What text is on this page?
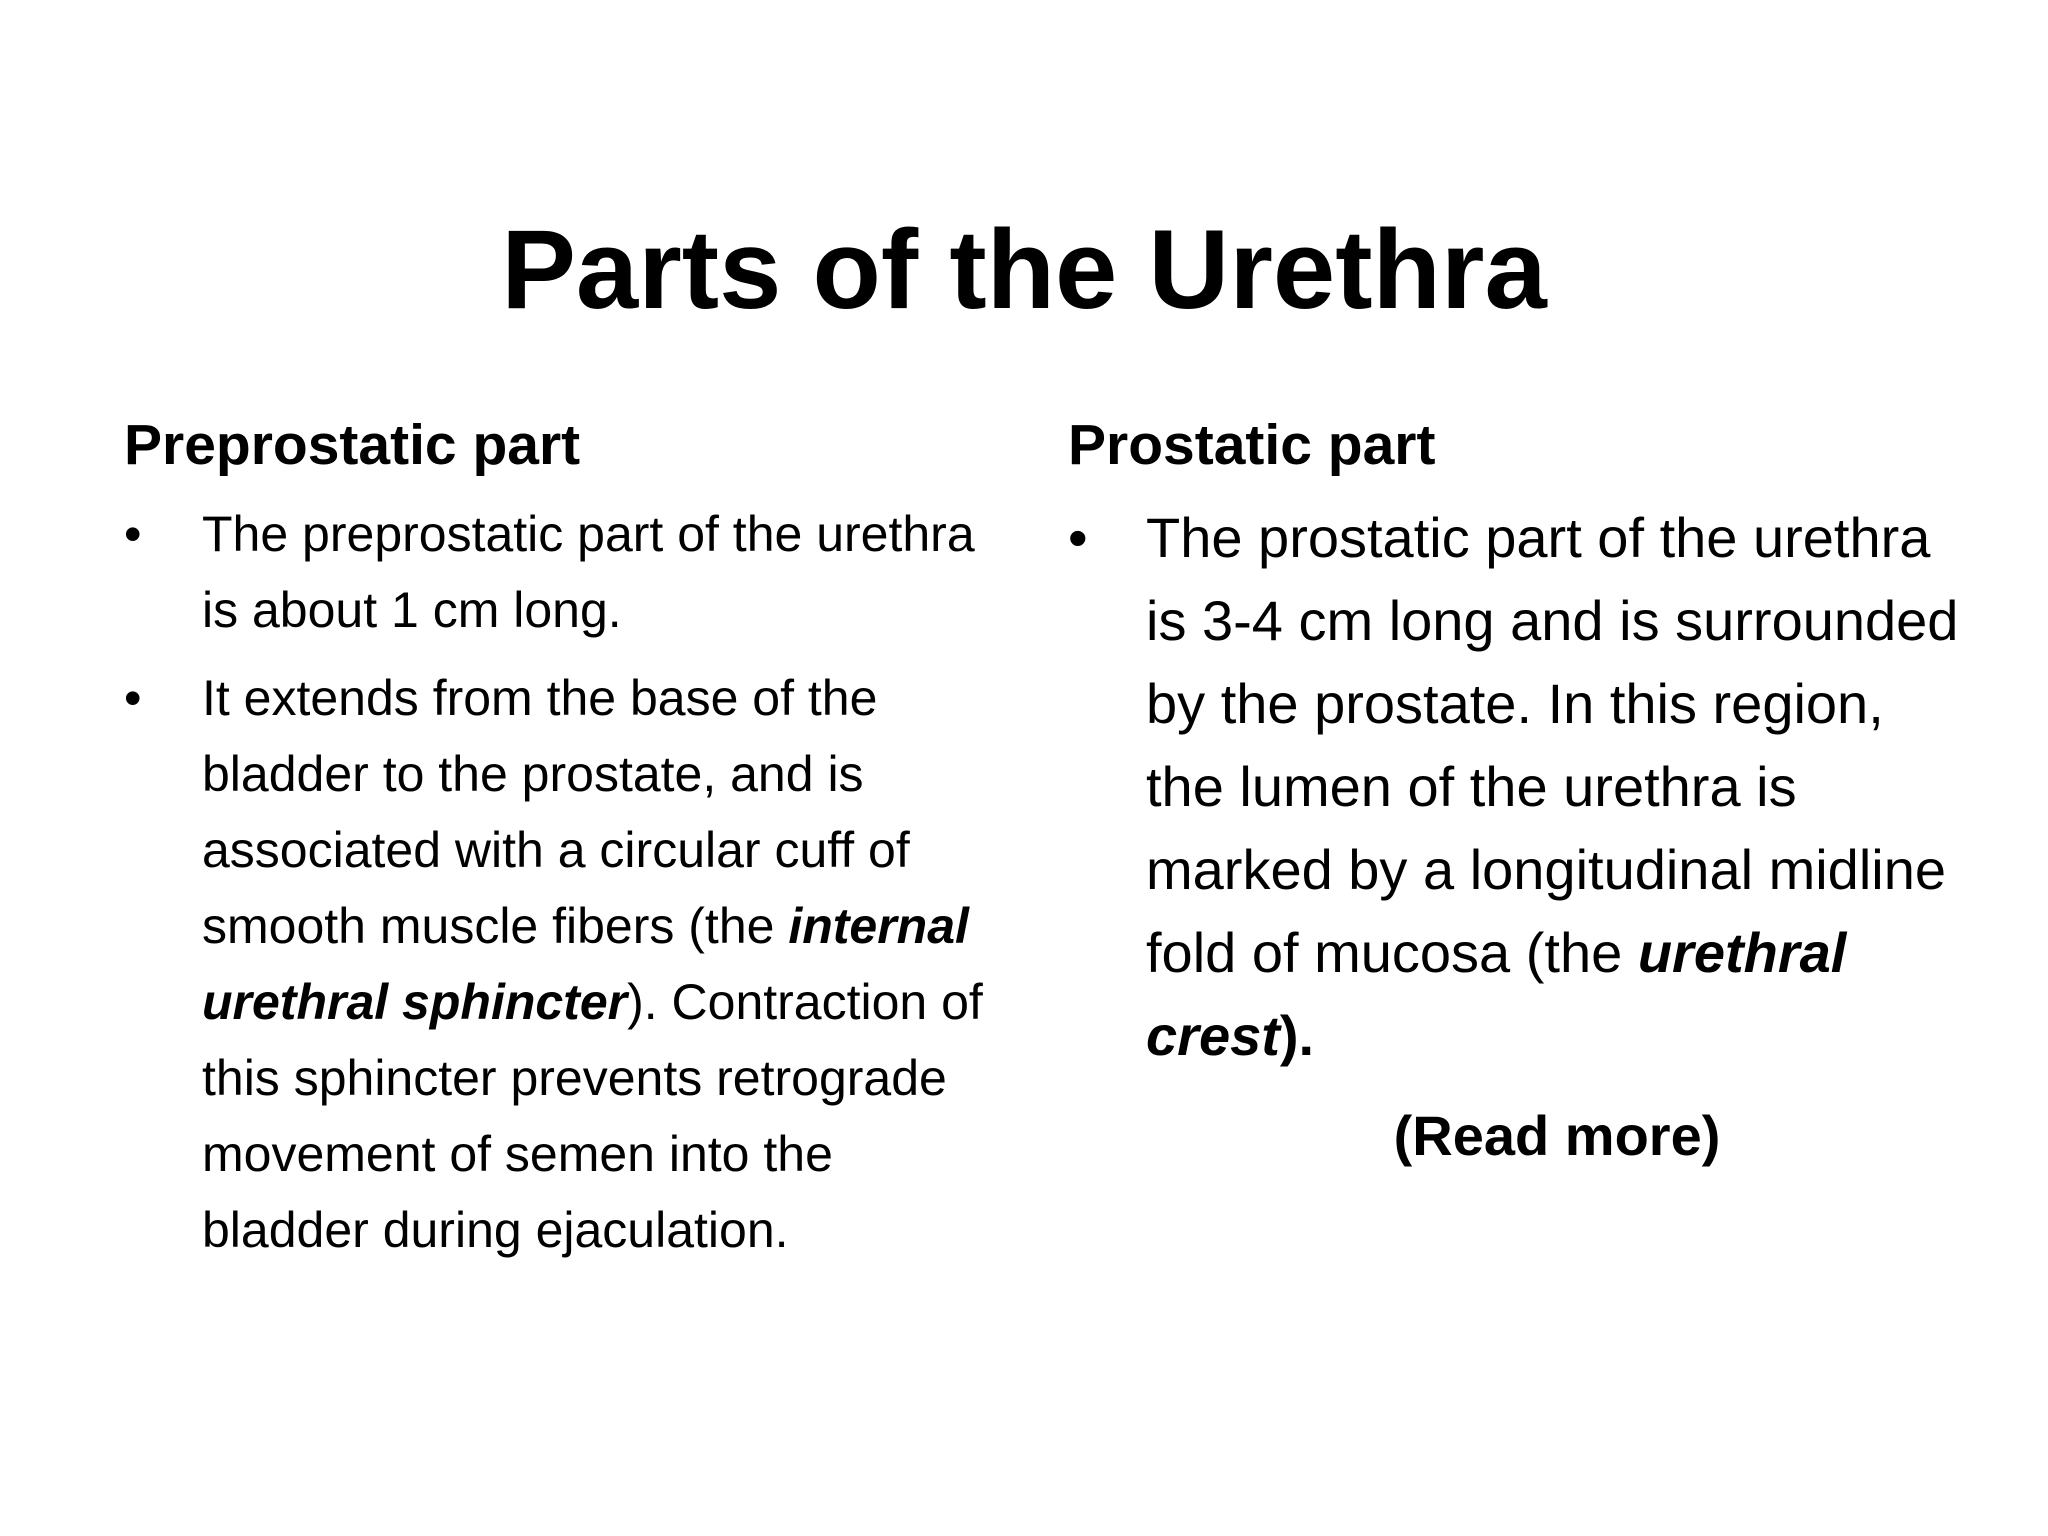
Parts of the Urethra
Preprostatic part
• The preprostatic part of the urethra is about 1 cm long.
• It extends from the base of the bladder to the prostate, and is associated with a circular cuff of smooth muscle fibers (the internal urethral sphincter). Contraction of this sphincter prevents retrograde movement of semen into the bladder during ejaculation.
Prostatic part
• The prostatic part of the urethra is 3-4 cm long and is surrounded by the prostate. In this region, the lumen of the urethra is marked by a longitudinal midline fold of mucosa (the urethral crest).
(Read more)
